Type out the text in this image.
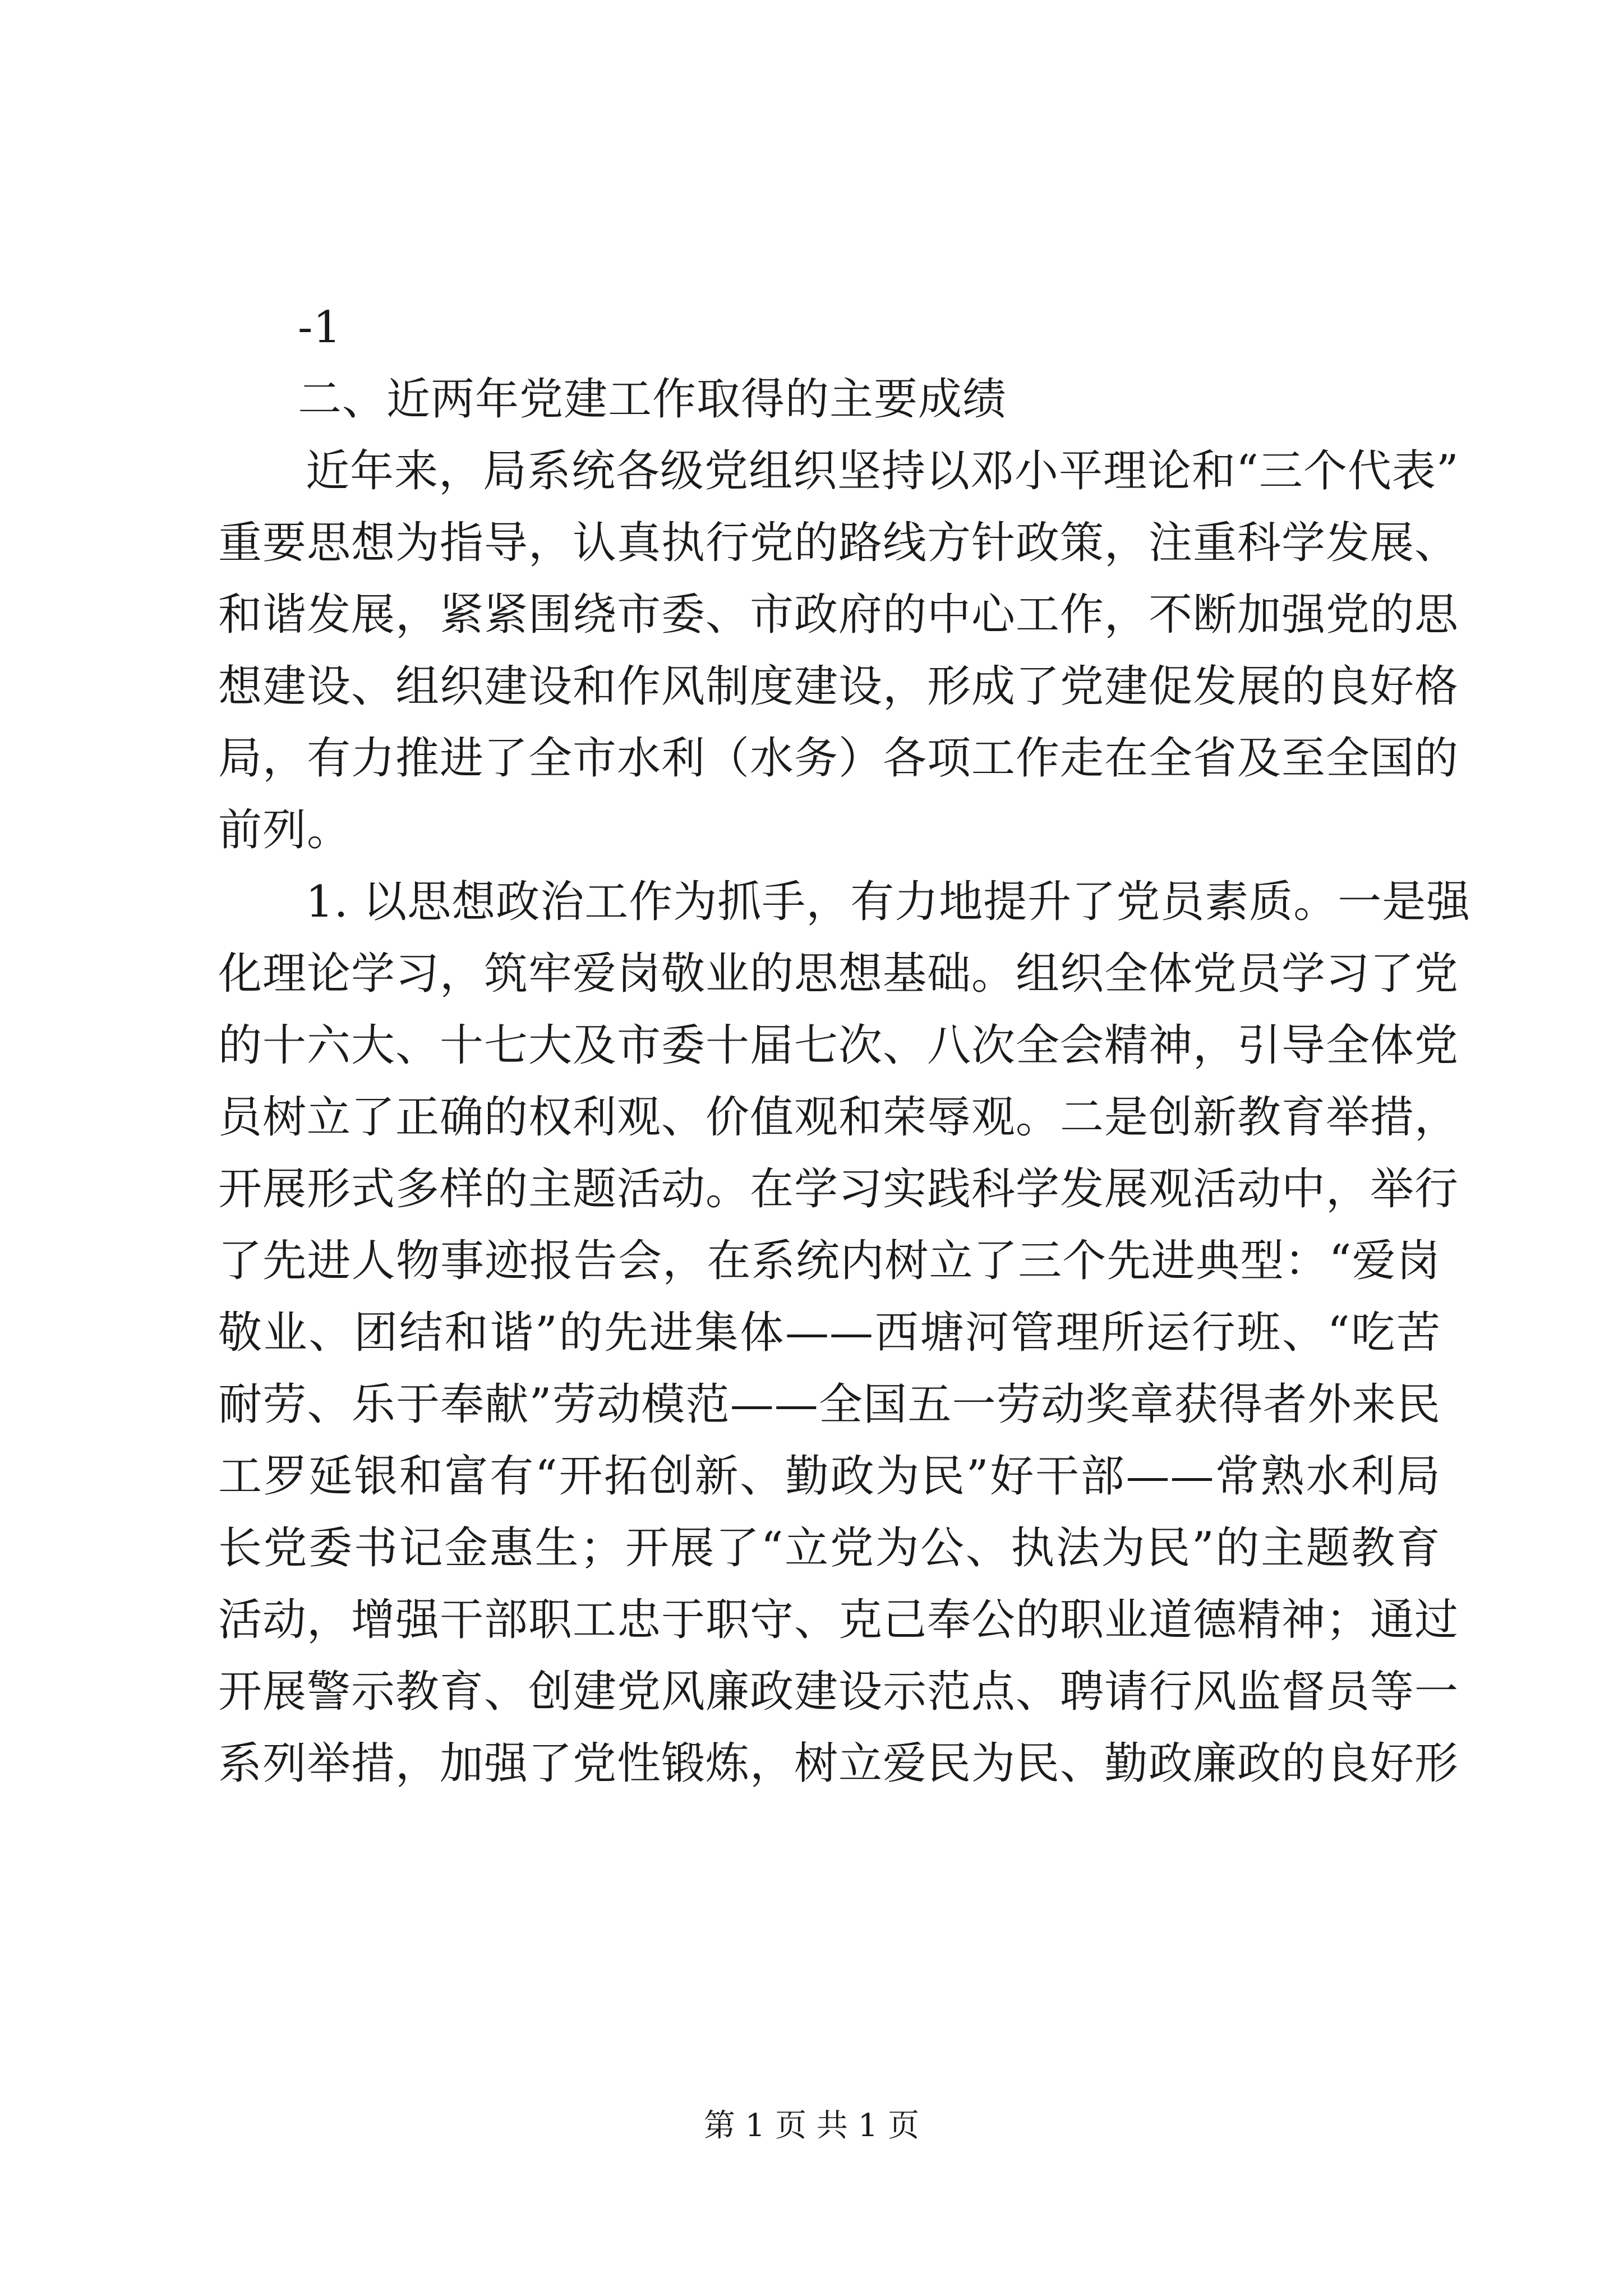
-1
二、近两年党建工作取得的主要成绩
近年来，局系统各级党组织坚持以邓小平理论和“三个代表”
重要思想为指导，认真执行党的路线方针政策，注重科学发展、
和谐发展，紧紧围绕市委、市政府的中心工作，不断加强党的思
想建设、组织建设和作风制度建设，形成了党建促发展的良好格
局，有力推进了全市水利（水务）各项工作走在全省及至全国的
前列。
1. 以思想政治工作为抓手，有力地提升了党员素质。一是强
化理论学习，筑牢爱岗敬业的思想基础。组织全体党员学习了党
的十六大、十七大及市委十届七次、八次全会精神，引导全体党
员树立了正确的权利观、价值观和荣辱观。二是创新教育举措，
开展形式多样的主题活动。在学习实践科学发展观活动中，举行
了先进人物事迹报告会，在系统内树立了三个先进典型：“爱岗
敬业、团结和谐”的先进集体——西塘河管理所运行班、“吃苦
耐劳、乐于奉献”劳动模范——全国五一劳动奖章获得者外来民
工罗延银和富有“开拓创新、勤政为民”好干部——常熟水利局
长党委书记金惠生；开展了“立党为公、执法为民”的主题教育
活动，增强干部职工忠于职守、克己奉公的职业道德精神；通过
开展警示教育、创建党风廉政建设示范点、聘请行风监督员等一
系列举措，加强了党性锻炼，树立爱民为民、勤政廉政的良好形
第 1 页 共 1 页
